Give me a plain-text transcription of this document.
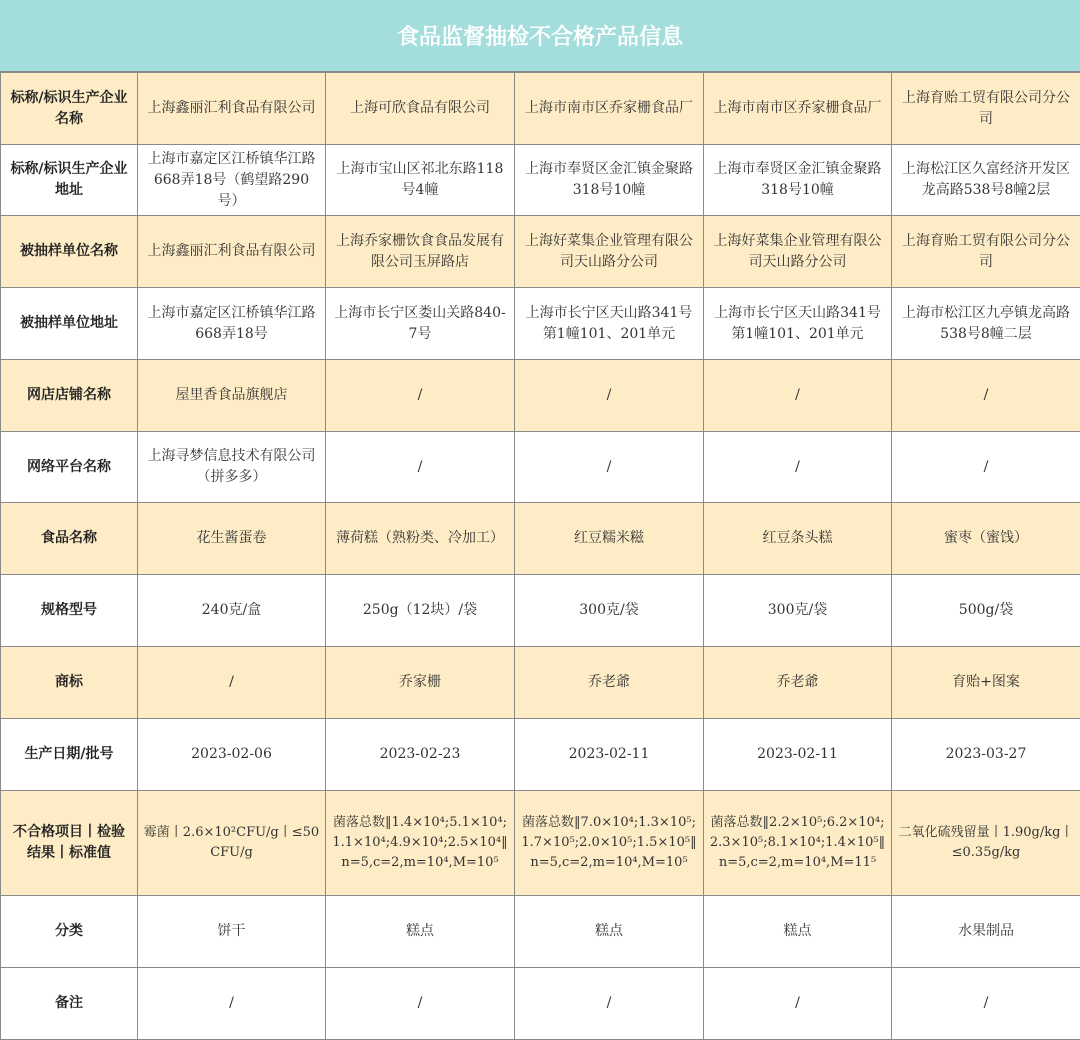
食品监督抽检不合格产品信息
标称/标识生产企业名称	上海鑫丽汇利食品有限公司	上海可欣食品有限公司	上海市南市区乔家栅食品厂	上海市南市区乔家栅食品厂	上海育贻工贸有限公司分公司
标称/标识生产企业地址	上海市嘉定区江桥镇华江路668弄18号（鹤望路290号）	上海市宝山区祁北东路118号4幢	上海市奉贤区金汇镇金聚路318号10幢	上海市奉贤区金汇镇金聚路318号10幢	上海松江区久富经济开发区龙高路538号8幢2层
被抽样单位名称	上海鑫丽汇利食品有限公司	上海乔家栅饮食食品发展有限公司玉屏路店	上海好菜集企业管理有限公司天山路分公司	上海好菜集企业管理有限公司天山路分公司	上海育贻工贸有限公司分公司
被抽样单位地址	上海市嘉定区江桥镇华江路668弄18号	上海市长宁区娄山关路840-7号	上海市长宁区天山路341号第1幢101、201单元	上海市长宁区天山路341号第1幢101、201单元	上海市松江区九亭镇龙高路538号8幢二层
网店店铺名称	屋里香食品旗舰店	/	/	/	/
网络平台名称	上海寻梦信息技术有限公司（拼多多）	/	/	/	/
食品名称	花生酱蛋卷	薄荷糕（熟粉类、冷加工）	红豆糯米糍	红豆条头糕	蜜枣（蜜饯）
规格型号	240克/盒	250g（12块）/袋	300克/袋	300克/袋	500g/袋
商标	/	乔家栅	乔老爺	乔老爺	育贻+图案
生产日期/批号	2023-02-06	2023-02-23	2023-02-11	2023-02-11	2023-03-27
不合格项目丨检验结果丨标准值	霉菌丨2.6×10²CFU/g丨≤50CFU/g	菌落总数‖1.4×10⁴;5.1×10⁴;1.1×10⁴;4.9×10⁴;2.5×10⁴‖n=5,c=2,m=10⁴,M=10⁵	菌落总数‖7.0×10⁴;1.3×10⁵;1.7×10⁵;2.0×10⁵;1.5×10⁵‖n=5,c=2,m=10⁴,M=10⁵	菌落总数‖2.2×10⁵;6.2×10⁴;2.3×10⁵;8.1×10⁴;1.4×10⁵‖n=5,c=2,m=10⁴,M=11⁵	二氧化硫残留量丨1.90g/kg丨≤0.35g/kg
分类	饼干	糕点	糕点	糕点	水果制品
备注	/	/	/	/	/
